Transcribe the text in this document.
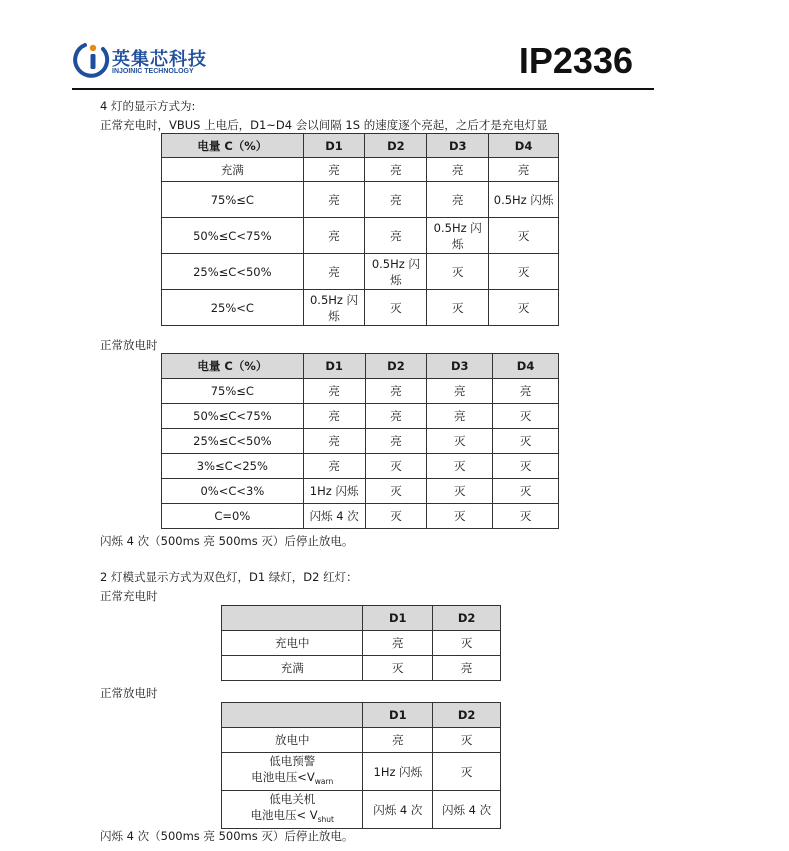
英集芯科技
INJOINIC TECHNOLOGY	IP2336
4 灯的显示方式为:
正常充电时，VBUS 上电后，D1~D4 会以间隔 1S 的速度逐个亮起，之后才是充电灯显
电量 C（%）	D1	D2	D3	D4
充满	亮	亮	亮	亮
75%≤C	亮	亮	亮	0.5Hz 闪烁
50%≤C<75%	亮	亮	0.5Hz 闪烁	灭
25%≤C<50%	亮	0.5Hz 闪烁	灭	灭
25%<C	0.5Hz 闪烁	灭	灭	灭
正常放电时
电量 C（%）	D1	D2	D3	D4
75%≤C	亮	亮	亮	亮
50%≤C<75%	亮	亮	亮	灭
25%≤C<50%	亮	亮	灭	灭
3%≤C<25%	亮	灭	灭	灭
0%<C<3%	1Hz 闪烁	灭	灭	灭
C=0%	闪烁 4 次	灭	灭	灭
闪烁 4 次（500ms 亮 500ms 灭）后停止放电。
2 灯模式显示方式为双色灯，D1 绿灯，D2 红灯：
正常充电时
	D1	D2
充电中	亮	灭
充满	灭	亮
正常放电时
	D1	D2
放电中	亮	灭

低电预警
电池电压$<V_{warn}$	1Hz 闪烁	灭

低电关机
电池电压< $V_{shut}$	闪烁 4 次	闪烁 4 次
闪烁 4 次（500ms 亮 500ms 灭）后停止放电。
